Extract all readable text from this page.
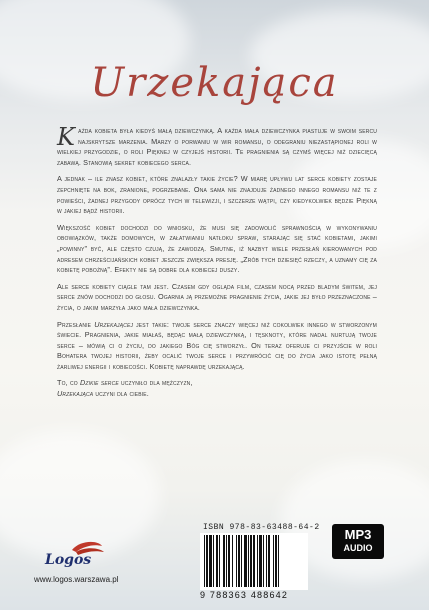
Urzekająca

Każda kobieta była kiedyś małą dziewczynką. A każda mała dziewczynka piastuje w swoim sercu najskrytsze marzenia. Marzy o porwaniu w wir romansu, o odegraniu niezastąpionej roli w wielkiej przygodzie, o roli Pięknej w czyjejś historii. Te pragnienia są czymś więcej niż dziecięcą zabawą. Stanowią sekret kobiecego serca.

A jednak – ile znasz kobiet, które znalazły takie życie? W miarę upływu lat serce kobiety zostaje zepchnięte na bok, zranione, pogrzebane. Ona sama nie znajduje żadnego innego romansu niż te z powieści, żadnej przygody oprócz tych w telewizji, i szczerze wątpi, czy kiedykolwiek będzie Piękną w jakiej bądź historii.

Większość kobiet dochodzi do wniosku, że musi się zadowolić sprawnością w wykonywaniu obowiązków, także domowych, w załatwianiu natłoku spraw, starając się stać kobietami, jakimi „powinny” być, ale często czują, że zawodzą. Smutne, iż nazbyt wiele przesłań kierowanych pod adresem chrześcijańskich kobiet jeszcze zwiększa presję. „Zrób tych dziesięć rzeczy, a uznamy cię za kobietę pobożną”. Efekty nie są dobre dla kobiecej duszy.

Ale serce kobiety ciągle tam jest. Czasem gdy ogląda film, czasem nocą przed bladym świtem, jej serce znów dochodzi do głosu. Ogarnia ją przemożne pragnienie życia, jakie jej było przeznaczone – życia, o jakim marzyła jako mała dziewczynka.

Przesłanie Urzekającej jest takie: twoje serce znaczy więcej niż cokolwiek innego w stworzonym świecie. Pragnienia, jakie miałaś, będąc małą dziewczynką, i tęsknoty, które nadal nurtują twoje serce – mówią ci o życiu, do jakiego Bóg cię stworzył. On teraz oferuje ci przyjście w roli Bohatera twojej historii, żeby ocalić twoje serce i przywrócić cię do życia jako istotę pełną żarliwej energii i kobiecości. Kobietę naprawdę urzekającą.

To, co Dzikie serce uczyniło dla mężczyzn,
Urzekająca uczyni dla ciebie.

ISBN 978-83-63488-64-2
9 788363 488642
MP3
AUDIO
Logos
www.logos.warszawa.pl
